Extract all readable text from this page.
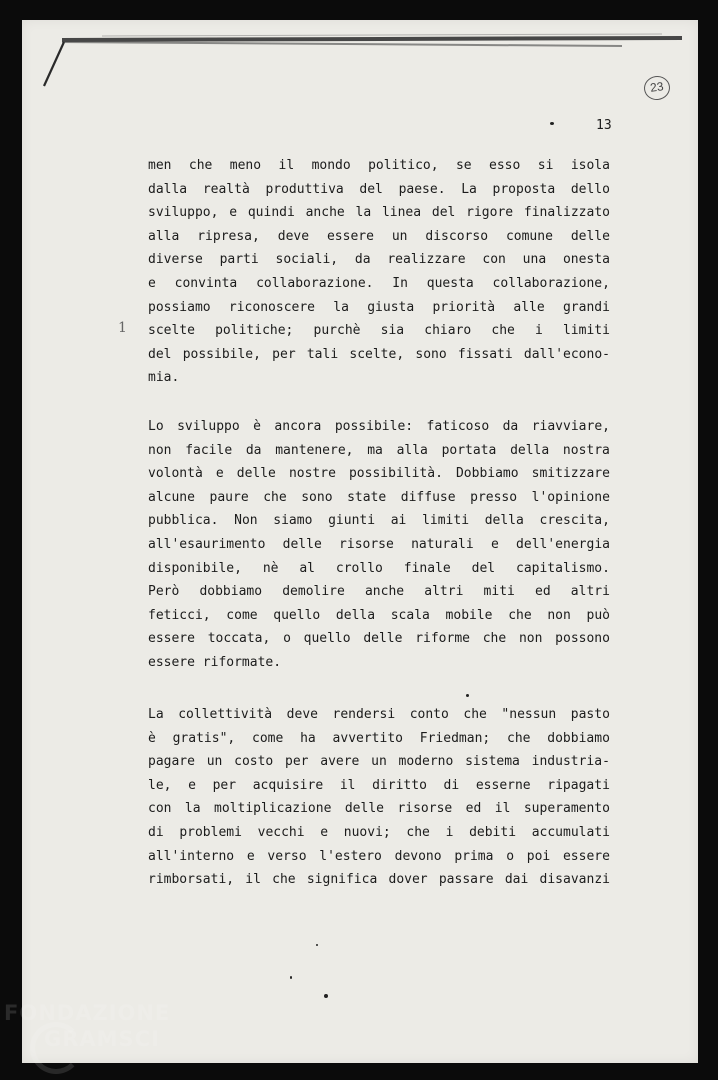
23
13
1
men che meno il mondo politico, se esso si isola
dalla realtà produttiva del paese. La proposta dello
sviluppo, e quindi anche la linea del rigore finalizzato
alla ripresa, deve essere un discorso comune delle
diverse parti sociali, da realizzare con una onesta
e convinta collaborazione. In questa collaborazione,
possiamo riconoscere la giusta priorità alle grandi
scelte politiche; purchè sia chiaro che i limiti
del possibile, per tali scelte, sono fissati dall'econo-
mia.
Lo sviluppo è ancora possibile: faticoso da riavviare,
non facile da mantenere, ma alla portata della nostra
volontà e delle nostre possibilità. Dobbiamo smitizzare
alcune paure che sono state diffuse presso l'opinione
pubblica. Non siamo giunti ai limiti della crescita,
all'esaurimento delle risorse naturali e dell'energia
disponibile, nè al crollo finale del capitalismo.
Però dobbiamo demolire anche altri miti ed altri
feticci, come quello della scala mobile che non può
essere toccata, o quello delle riforme che non possono
essere riformate.
La collettività deve rendersi conto che "nessun pasto
è gratis", come ha avvertito Friedman; che dobbiamo
pagare un costo per avere un moderno sistema industria-
le, e per acquisire il diritto di esserne ripagati
con la moltiplicazione delle risorse ed il superamento
di problemi vecchi e nuovi; che i debiti accumulati
all'interno e verso l'estero devono prima o poi essere
rimborsati, il che significa dover passare dai disavanzi
FONDAZIONE
GRAMSCI
